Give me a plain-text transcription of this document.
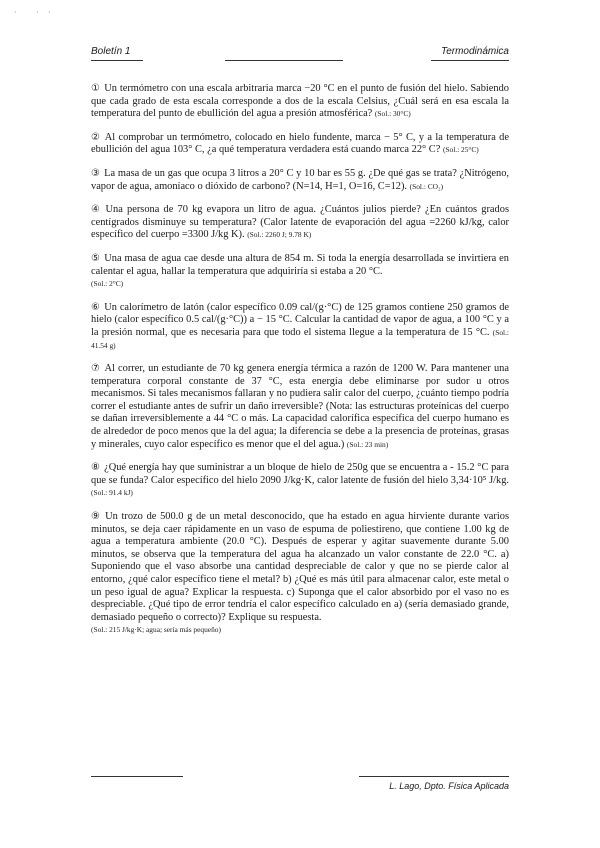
· · ·
Boletín 1	Termodinámica
① Un termómetro con una escala arbitraria marca −20 °C en el punto de fusión del hielo. Sabiendo que cada grado de esta escala corresponde a dos de la escala Celsius, ¿Cuál será en esa escala la temperatura del punto de ebullición del agua a presión atmosférica? (Sol.: 30°C)
② Al comprobar un termómetro, colocado en hielo fundente, marca − 5° C, y a la temperatura de ebullición del agua 103° C, ¿a qué temperatura verdadera está cuando marca 22° C? (Sol.: 25°C)
③ La masa de un gas que ocupa 3 litros a 20° C y 10 bar es 55 g. ¿De qué gas se trata? ¿Nitrógeno, vapor de agua, amoníaco o dióxido de carbono? (N=14, H=1, O=16, C=12). (Sol.: CO₂)
④ Una persona de 70 kg evapora un litro de agua. ¿Cuántos julios pierde? ¿En cuántos grados centígrados disminuye su temperatura? (Calor latente de evaporación del agua =2260 kJ/kg, calor específico del cuerpo =3300 J/kg K). (Sol.: 2260 J; 9.78 K)
⑤ Una masa de agua cae desde una altura de 854 m. Si toda la energía desarrollada se invirtiera en calentar el agua, hallar la temperatura que adquiriría si estaba a 20 °C.
(Sol.: 2°C)
⑥ Un calorímetro de latón (calor específico 0.09 cal/(g·°C) de 125 gramos contiene 250 gramos de hielo (calor específico 0.5 cal/(g·°C)) a − 15 °C. Calcular la cantidad de vapor de agua, a 100 °C y a la presión normal, que es necesaria para que todo el sistema llegue a la temperatura de 15 °C. (Sol.: 41.54 g)
⑦ Al correr, un estudiante de 70 kg genera energía térmica a razón de 1200 W. Para mantener una temperatura corporal constante de 37 °C, esta energía debe eliminarse por sudor u otros mecanismos. Si tales mecanismos fallaran y no pudiera salir calor del cuerpo, ¿cuánto tiempo podría correr el estudiante antes de sufrir un daño irreversible? (Nota: las estructuras proteínicas del cuerpo se dañan irreversiblemente a 44 °C o más. La capacidad calorífica específica del cuerpo humano es de alrededor de poco menos que la del agua; la diferencia se debe a la presencia de proteínas, grasas y minerales, cuyo calor específico es menor que el del agua.) (Sol.: 23 min)
⑧ ¿Qué energía hay que suministrar a un bloque de hielo de 250g que se encuentra a - 15.2 °C para que se funda? Calor específico del hielo 2090 J/kg·K, calor latente de fusión del hielo 3,34·10⁵ J/kg. (Sol.: 91.4 kJ)
⑨ Un trozo de 500.0 g de un metal desconocido, que ha estado en agua hirviente durante varios minutos, se deja caer rápidamente en un vaso de espuma de poliestireno, que contiene 1.00 kg de agua a temperatura ambiente (20.0 °C). Después de esperar y agitar suavemente durante 5.00 minutos, se observa que la temperatura del agua ha alcanzado un valor constante de 22.0 °C. a) Suponiendo que el vaso absorbe una cantidad despreciable de calor y que no se pierde calor al entorno, ¿qué calor específico tiene el metal? b) ¿Qué es más útil para almacenar calor, este metal o un peso igual de agua? Explicar la respuesta. c) Suponga que el calor absorbido por el vaso no es despreciable. ¿Qué tipo de error tendría el calor específico calculado en a) (sería demasiado grande, demasiado pequeño o correcto)? Explique su respuesta.
(Sol.: 215 J/kg·K; agua; sería más pequeño)
L. Lago, Dpto. Física Aplicada
